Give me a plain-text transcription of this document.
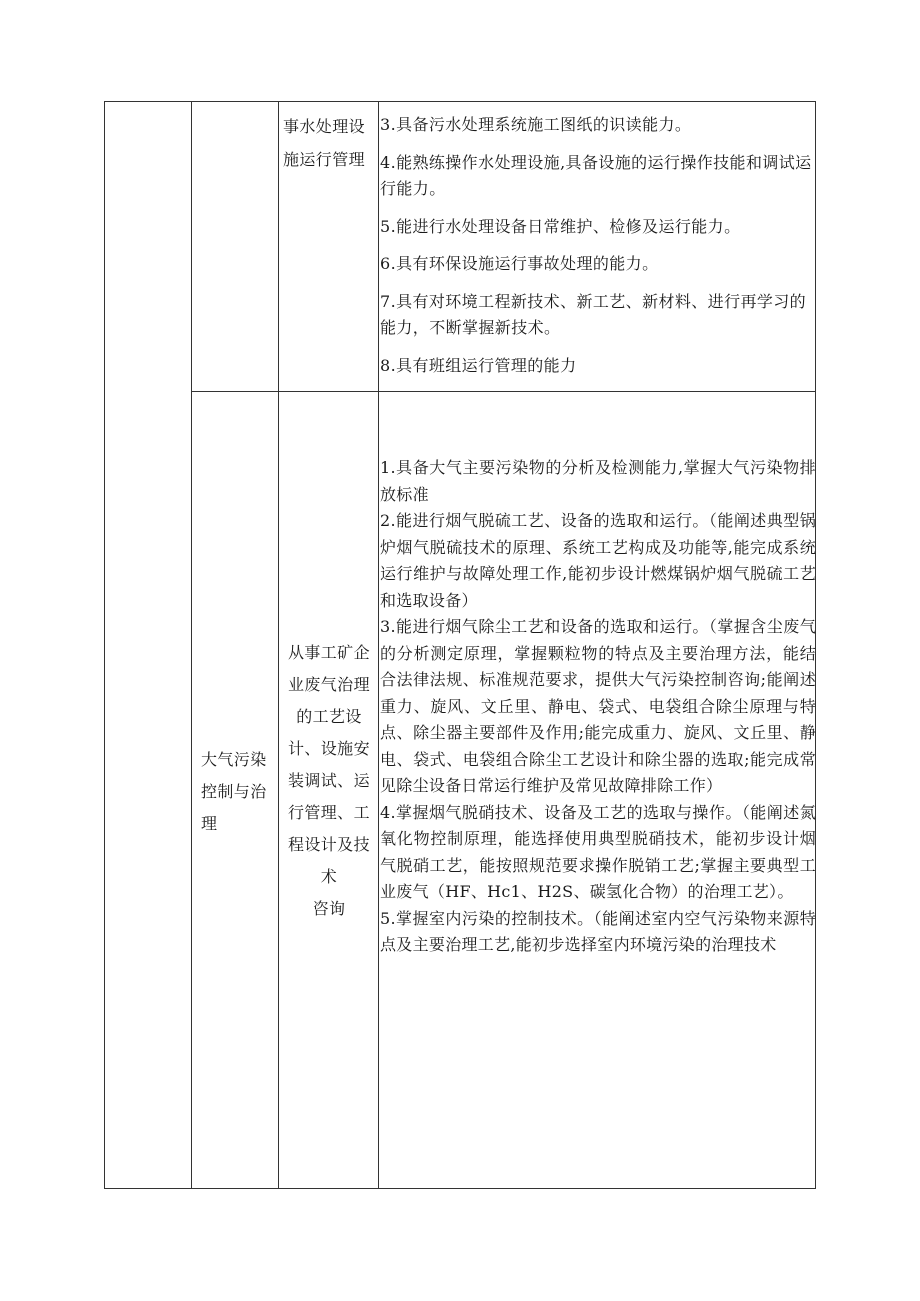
事水处理设
施运行管理

3.具备污水处理系统施工图纸的识读能力。

4.能熟练操作水处理设施,具备设施的运行操作技能和调试运行能力。

5.能进行水处理设备日常维护、检修及运行能力。

6.具有环保设施运行事故处理的能力。

7.具有对环境工程新技术、新工艺、新材料、进行再学习的能力，不断掌握新技术。

8.具有班组运行管理的能力

大气污染
控制与治
理
从事工矿企
业废气治理
的工艺设
计、设施安
装调试、运
行管理、工
程设计及技
术
咨询

1.具备大气主要污染物的分析及检测能力,掌握大气污染物排放标准

2.能进行烟气脱硫工艺、设备的选取和运行。（能阐述典型锅炉烟气脱硫技术的原理、系统工艺构成及功能等,能完成系统运行维护与故障处理工作,能初步设计燃煤锅炉烟气脱硫工艺和选取设备）

3.能进行烟气除尘工艺和设备的选取和运行。（掌握含尘废气的分析测定原理，掌握颗粒物的特点及主要治理方法，能结合法律法规、标准规范要求，提供大气污染控制咨询;能阐述重力、旋风、文丘里、静电、袋式、电袋组合除尘原理与特点、除尘器主要部件及作用;能完成重力、旋风、文丘里、静电、袋式、电袋组合除尘工艺设计和除尘器的选取;能完成常见除尘设备日常运行维护及常见故障排除工作）

4.掌握烟气脱硝技术、设备及工艺的选取与操作。（能阐述氮氧化物控制原理，能选择使用典型脱硝技术，能初步设计烟气脱硝工艺，能按照规范要求操作脱销工艺;掌握主要典型工业废气（HF、Hc1、H2S、碳氢化合物）的治理工艺）。

5.掌握室内污染的控制技术。（能阐述室内空气污染物来源特点及主要治理工艺,能初步选择室内环境污染的治理技术
